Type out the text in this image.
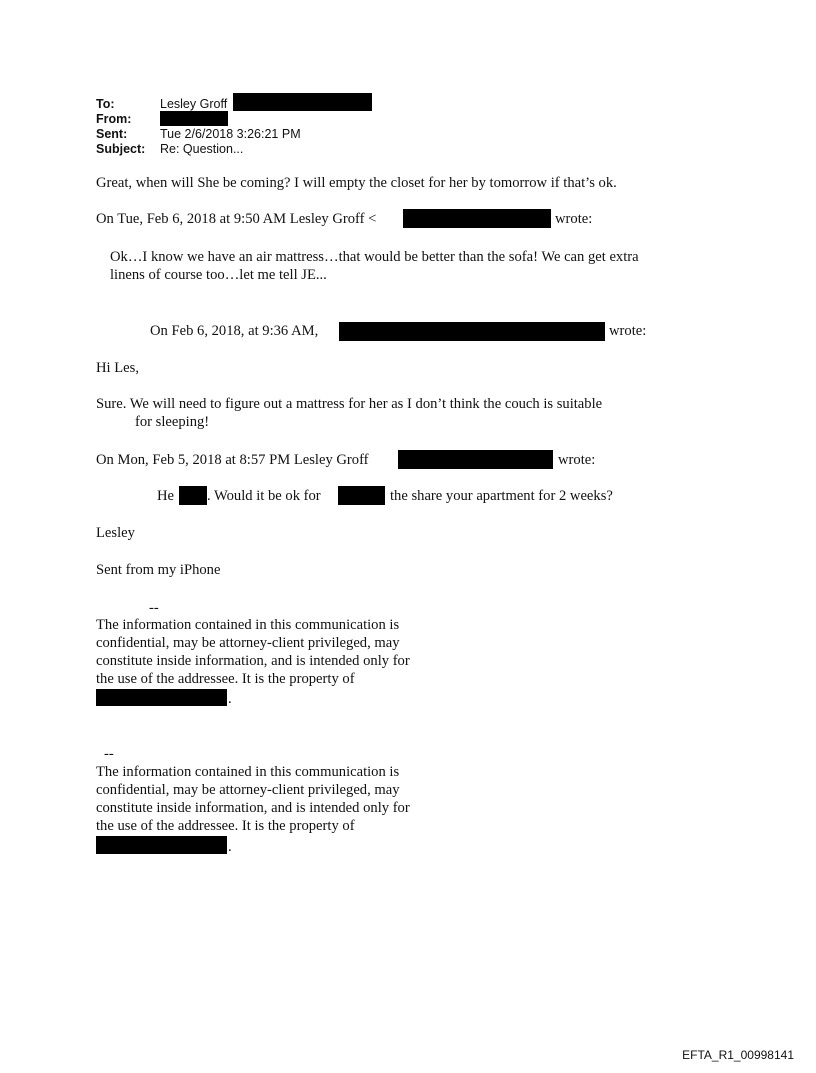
To:	Lesley Groff
From:
Sent:	Tue 2/6/2018 3:26:21 PM
Subject: Re: Question...
Great, when will She be coming? I will empty the closet for her by tomorrow if that’s ok.
On Tue, Feb 6, 2018 at 9:50 AM Lesley Groff <	wrote:
Ok…I know we have an air mattress…that would be better than the sofa! We can get extra
linens of course too…let me tell JE...
On Feb 6, 2018, at 9:36 AM,	wrote:
Hi Les,
Sure. We will need to figure out a mattress for her as I don’t think the couch is suitable
for sleeping!
On Mon, Feb 5, 2018 at 8:57 PM Lesley Groff	wrote:
He . Would it be ok for	the share your apartment for 2 weeks?
Lesley
Sent from my iPhone
--
The information contained in this communication is
confidential, may be attorney-client privileged, may
constitute inside information, and is intended only for
the use of the addressee. It is the property of
.
--
The information contained in this communication is
confidential, may be attorney-client privileged, may
constitute inside information, and is intended only for
the use of the addressee. It is the property of
.
EFTA_R1_00998141
